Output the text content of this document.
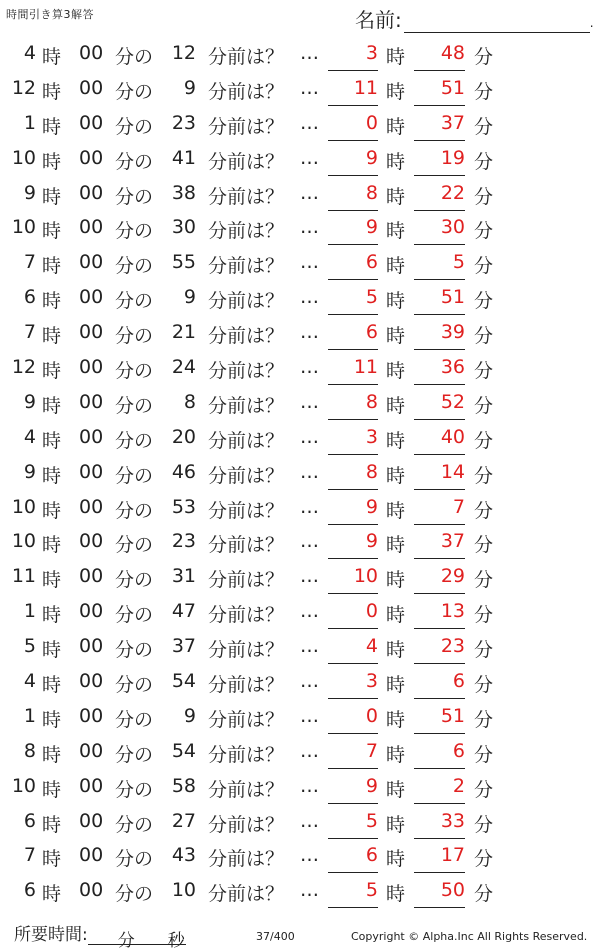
時間引き算3解答	名前:	.
4 時 00 分の 12 分前は？ …	3 時	48 分
12 時 00 分の	9 分前は？ …	11 時	51 分
1 時 00 分の 23 分前は？ …	0 時	37 分
10 時 00 分の 41 分前は？ …	9 時	19 分
9 時 00 分の 38 分前は？ …	8 時	22 分
10 時 00 分の 30 分前は？ …	9 時	30 分
7 時 00 分の 55 分前は？ …	6 時	5 分
6 時 00 分の	9 分前は？ …	5 時	51 分
7 時 00 分の 21 分前は？ …	6 時	39 分
12 時 00 分の 24 分前は？ …	11 時	36 分
9 時 00 分の	8 分前は？ …	8 時	52 分
4 時 00 分の 20 分前は？ …	3 時	40 分
9 時 00 分の 46 分前は？ …	8 時	14 分
10 時 00 分の 53 分前は？ …	9 時	7 分
10 時 00 分の 23 分前は？ …	9 時	37 分
11 時 00 分の 31 分前は？ …	10 時	29 分
1 時 00 分の 47 分前は？ …	0 時	13 分
5 時 00 分の 37 分前は？ …	4 時	23 分
4 時 00 分の 54 分前は？ …	3 時	6 分
1 時 00 分の	9 分前は？ …	0 時	51 分
8 時 00 分の 54 分前は？ …	7 時	6 分
10 時 00 分の 58 分前は？ …	9 時	2 分
6 時 00 分の 27 分前は？ …	5 時	33 分
7 時 00 分の 43 分前は？ …	6 時	17 分
6 時 00 分の 10 分前は？ …	5 時	50 分
所要時間: 分 秒	37/400	Copyright © Alpha.Inc All Rights Reserved.
